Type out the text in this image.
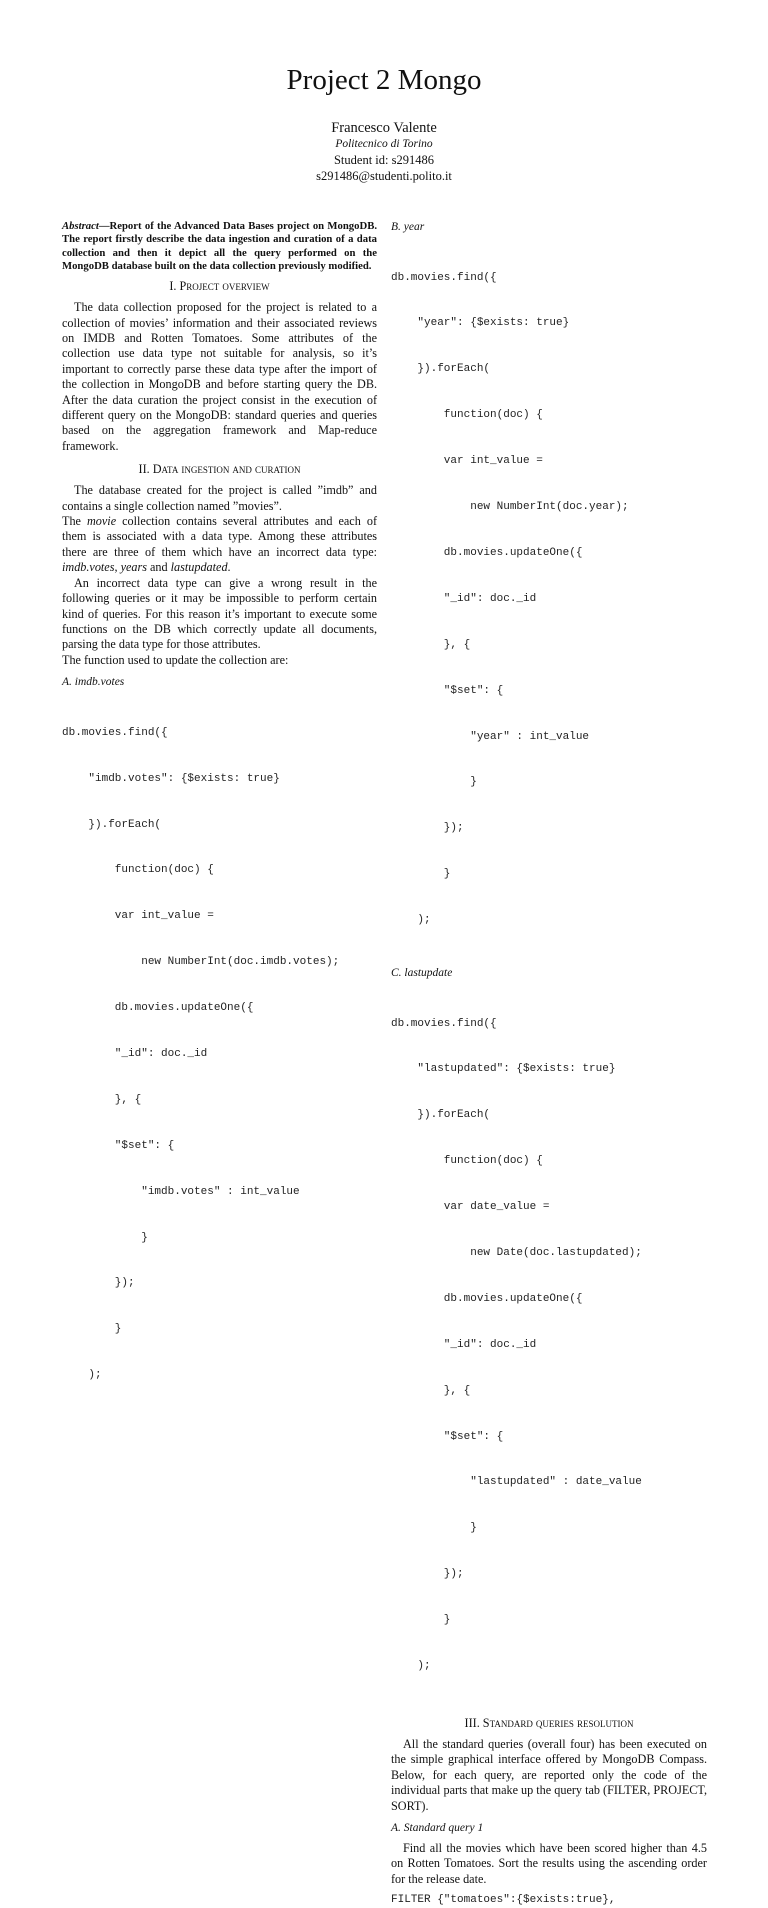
Project 2 Mongo
Francesco Valente
Politecnico di Torino
Student id: s291486
s291486@studenti.polito.it

Abstract—Report of the Advanced Data Bases project on MongoDB. The report firstly describe the data ingestion and curation of a data collection and then it depict all the query performed on the MongoDB database built on the data collection previously modified.

I. Project overview

The data collection proposed for the project is related to a collection of movies’ information and their associated reviews on IMDB and Rotten Tomatoes. Some attributes of the collection use data type not suitable for analysis, so it’s important to correctly parse these data type after the import of the collection in MongoDB and before starting query the DB. After the data curation the project consist in the execution of different query on the MongoDB: standard queries and queries based on the aggregation framework and Map-reduce framework.

II. Data ingestion and curation

The database created for the project is called ”imdb” and contains a single collection named ”movies”.

The movie collection contains several attributes and each of them is associated with a data type. Among these attributes there are three of them which have an incorrect data type: imdb.votes, years and lastupdated.

An incorrect data type can give a wrong result in the following queries or it may be impossible to perform certain kind of queries. For this reason it’s important to execute some functions on the DB which correctly update all documents, parsing the data type for those attributes.

The function used to update the collection are:

A. imdb.votes

db.movies.find({

"imdb.votes": {$exists: true}

}).forEach(

function(doc) {

var int_value =

new NumberInt(doc.imdb.votes);

db.movies.updateOne({

"_id": doc._id

}, {

"$set": {

"imdb.votes" : int_value

}

});

}

);

B. year

db.movies.find({

"year": {$exists: true}

}).forEach(

function(doc) {

var int_value =

new NumberInt(doc.year);

db.movies.updateOne({

"_id": doc._id

}, {

"$set": {

"year" : int_value

}

});

}

);

C. lastupdate

db.movies.find({

"lastupdated": {$exists: true}

}).forEach(

function(doc) {

var date_value =

new Date(doc.lastupdated);

db.movies.updateOne({

"_id": doc._id

}, {

"$set": {

"lastupdated" : date_value

}

});

}

);

III. Standard queries resolution

All the standard queries (overall four) has been executed on the simple graphical interface offered by MongoDB Compass. Below, for each query, are reported only the code of the individual parts that make up the query tab (FILTER, PROJECT, SORT).

A. Standard query 1

Find all the movies which have been scored higher than 4.5 on Rotten Tomatoes. Sort the results using the ascending order for the release date.

FILTER {"tomatoes":{$exists:true},
